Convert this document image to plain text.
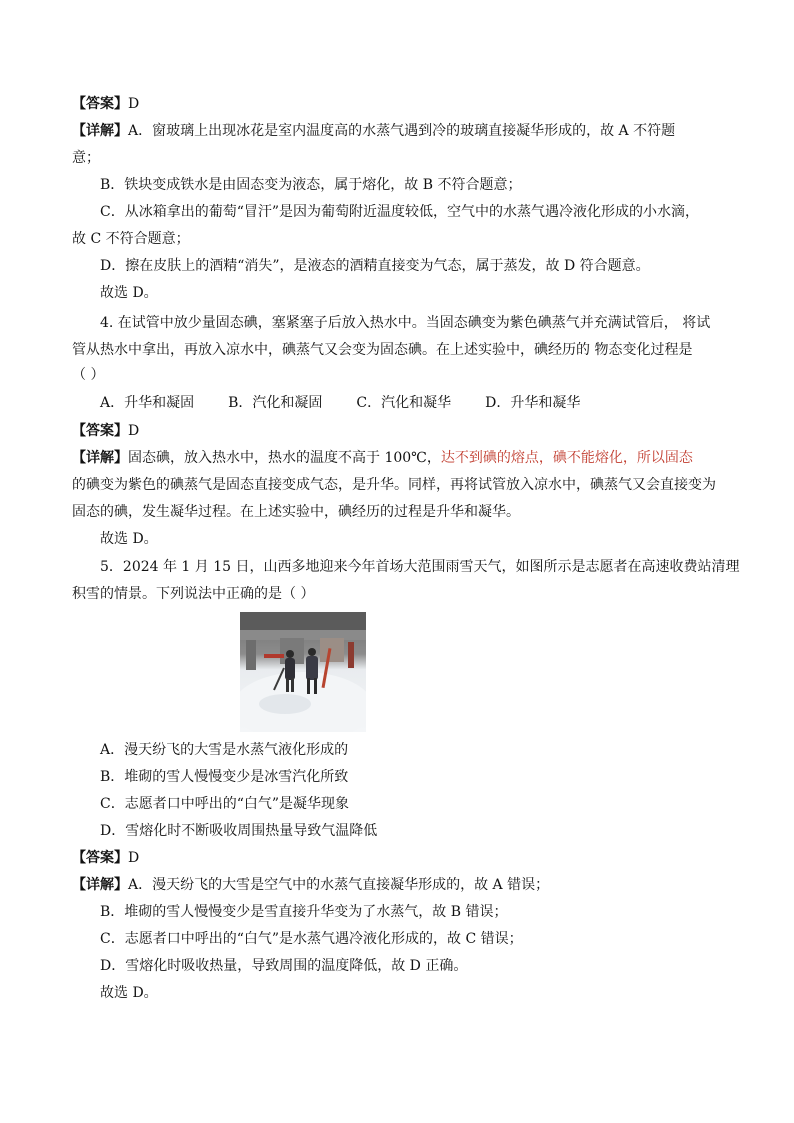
【答案】D
【详解】A．窗玻璃上出现冰花是室内温度高的水蒸气遇到冷的玻璃直接凝华形成的，故 A 不符题
意；
B．铁块变成铁水是由固态变为液态，属于熔化，故 B 不符合题意；
C．从冰箱拿出的葡萄“冒汗”是因为葡萄附近温度较低，空气中的水蒸气遇冷液化形成的小水滴，
故 C 不符合题意；
D．擦在皮肤上的酒精“消失”，是液态的酒精直接变为气态，属于蒸发，故 D 符合题意。
故选 D。
4. 在试管中放少量固态碘，塞紧塞子后放入热水中。当固态碘变为紫色碘蒸气并充满试管后， 将试
管从热水中拿出，再放入凉水中，碘蒸气又会变为固态碘。在上述实验中，碘经历的 物态变化过程是
（ ）
A．升华和凝固 B．汽化和凝固 C．汽化和凝华 D．升华和凝华
【答案】D
【详解】固态碘，放入热水中，热水的温度不高于 100℃，达不到碘的熔点，碘不能熔化，所以固态
的碘变为紫色的碘蒸气是固态直接变成气态，是升华。同样，再将试管放入凉水中，碘蒸气又会直接变为
固态的碘，发生凝华过程。在上述实验中，碘经历的过程是升华和凝华。
故选 D。
5．2024 年 1 月 15 日，山西多地迎来今年首场大范围雨雪天气，如图所示是志愿者在高速收费站清理
积雪的情景。下列说法中正确的是（ ）
A．漫天纷飞的大雪是水蒸气液化形成的
B．堆砌的雪人慢慢变少是冰雪汽化所致
C．志愿者口中呼出的“白气”是凝华现象
D．雪熔化时不断吸收周围热量导致气温降低
【答案】D
【详解】A．漫天纷飞的大雪是空气中的水蒸气直接凝华形成的，故 A 错误；
B．堆砌的雪人慢慢变少是雪直接升华变为了水蒸气，故 B 错误；
C．志愿者口中呼出的“白气”是水蒸气遇冷液化形成的，故 C 错误；
D．雪熔化时吸收热量，导致周围的温度降低，故 D 正确。
故选 D。
